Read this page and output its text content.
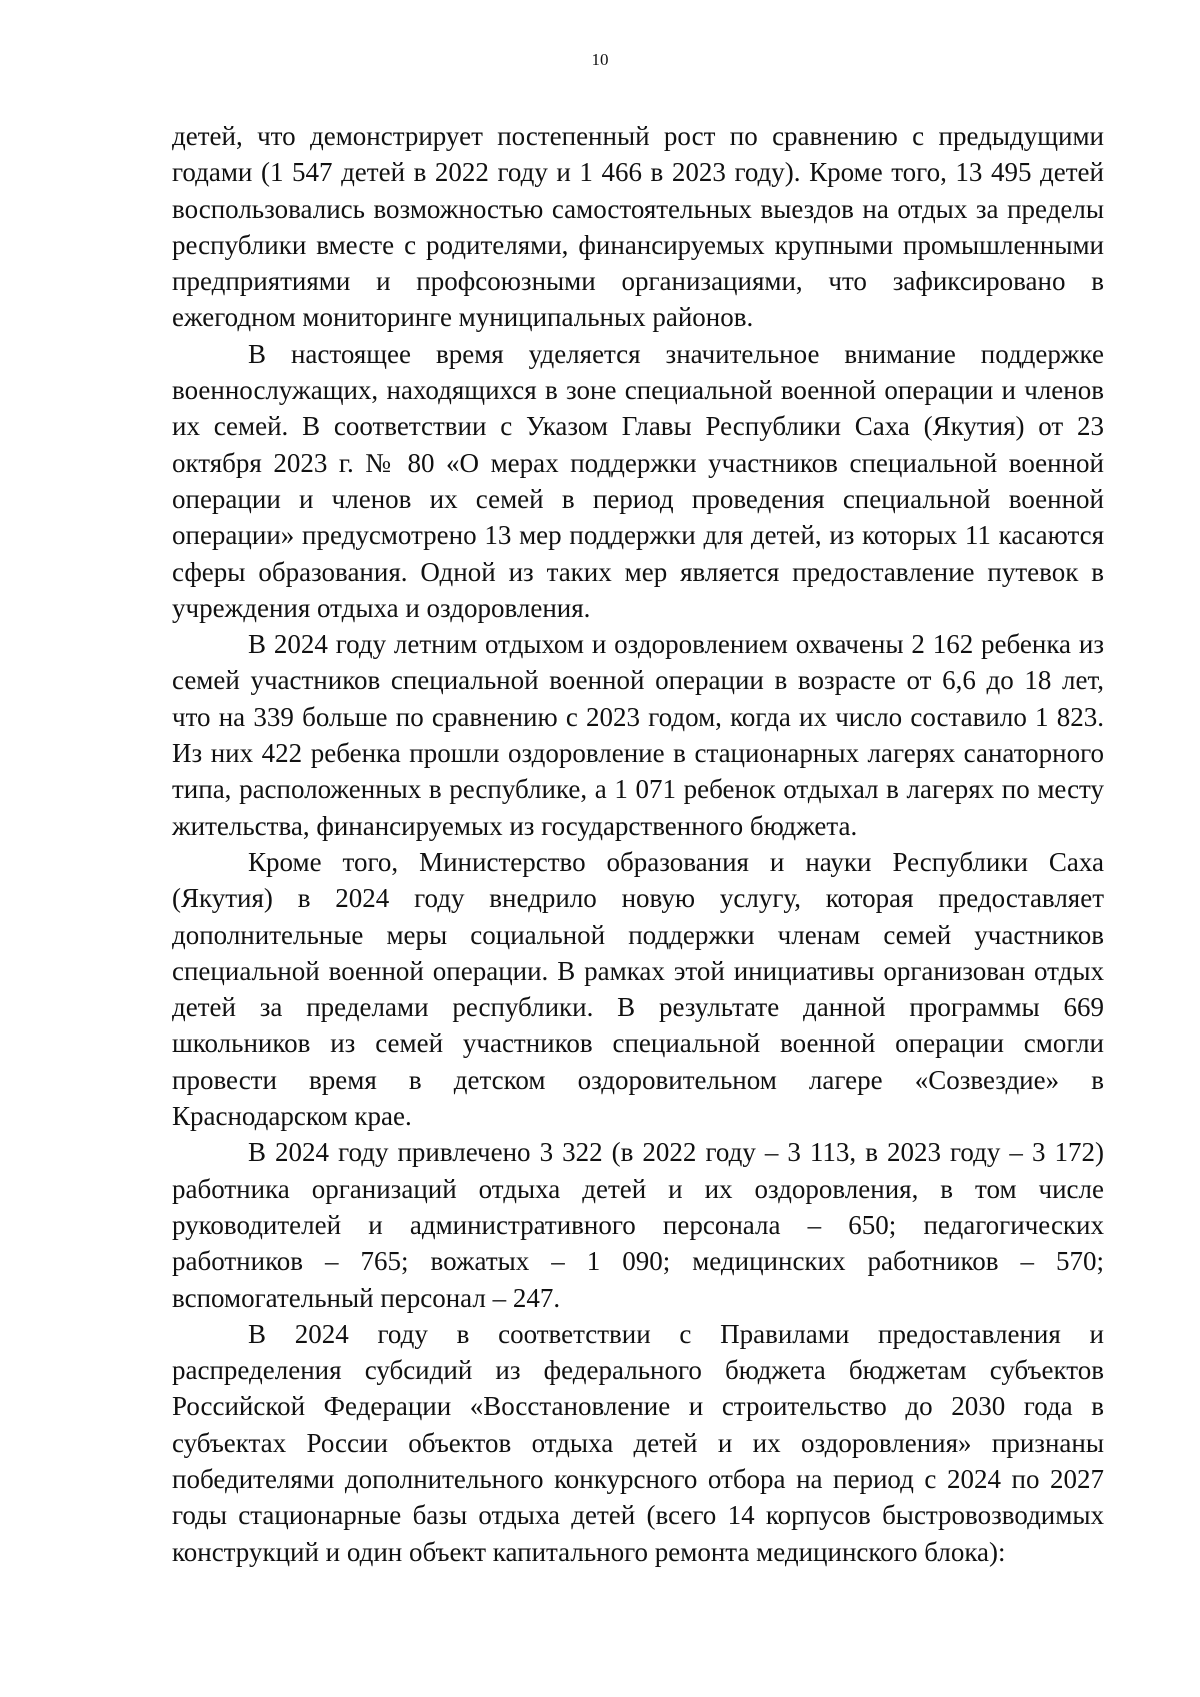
10

детей, что демонстрирует постепенный рост по сравнению с предыдущими годами (1 547 детей в 2022 году и 1 466 в 2023 году). Кроме того, 13 495 детей воспользовались возможностью самостоятельных выездов на отдых за пределы республики вместе с родителями, финансируемых крупными промышленными предприятиями и профсоюзными организациями, что зафиксировано в ежегодном мониторинге муниципальных районов.

В настоящее время уделяется значительное внимание поддержке военнослужащих, находящихся в зоне специальной военной операции и членов их семей. В соответствии с Указом Главы Республики Саха (Якутия) от 23 октября 2023 г. № 80 «О мерах поддержки участников специальной военной операции и членов их семей в период проведения специальной военной операции» предусмотрено 13 мер поддержки для детей, из которых 11 касаются сферы образования. Одной из таких мер является предоставление путевок в учреждения отдыха и оздоровления.

В 2024 году летним отдыхом и оздоровлением охвачены 2 162 ребенка из семей участников специальной военной операции в возрасте от 6,6 до 18 лет, что на 339 больше по сравнению с 2023 годом, когда их число составило 1 823. Из них 422 ребенка прошли оздоровление в стационарных лагерях санаторного типа, расположенных в республике, а 1 071 ребенок отдыхал в лагерях по месту жительства, финансируемых из государственного бюджета.

Кроме того, Министерство образования и науки Республики Саха (Якутия) в 2024 году внедрило новую услугу, которая предоставляет дополнительные меры социальной поддержки членам семей участников специальной военной операции. В рамках этой инициативы организован отдых детей за пределами республики. В результате данной программы 669 школьников из семей участников специальной военной операции смогли провести время в детском оздоровительном лагере «Созвездие» в Краснодарском крае.

В 2024 году привлечено 3 322 (в 2022 году – 3 113, в 2023 году – 3 172) работника организаций отдыха детей и их оздоровления, в том числе руководителей и административного персонала – 650; педагогических работников – 765; вожатых – 1 090; медицинских работников – 570; вспомогательный персонал – 247.

В 2024 году в соответствии с Правилами предоставления и распределения субсидий из федерального бюджета бюджетам субъектов Российской Федерации «Восстановление и строительство до 2030 года в субъектах России объектов отдыха детей и их оздоровления» признаны победителями дополнительного конкурсного отбора на период с 2024 по 2027 годы стационарные базы отдыха детей (всего 14 корпусов быстровозводимых конструкций и один объект капитального ремонта медицинского блока):
